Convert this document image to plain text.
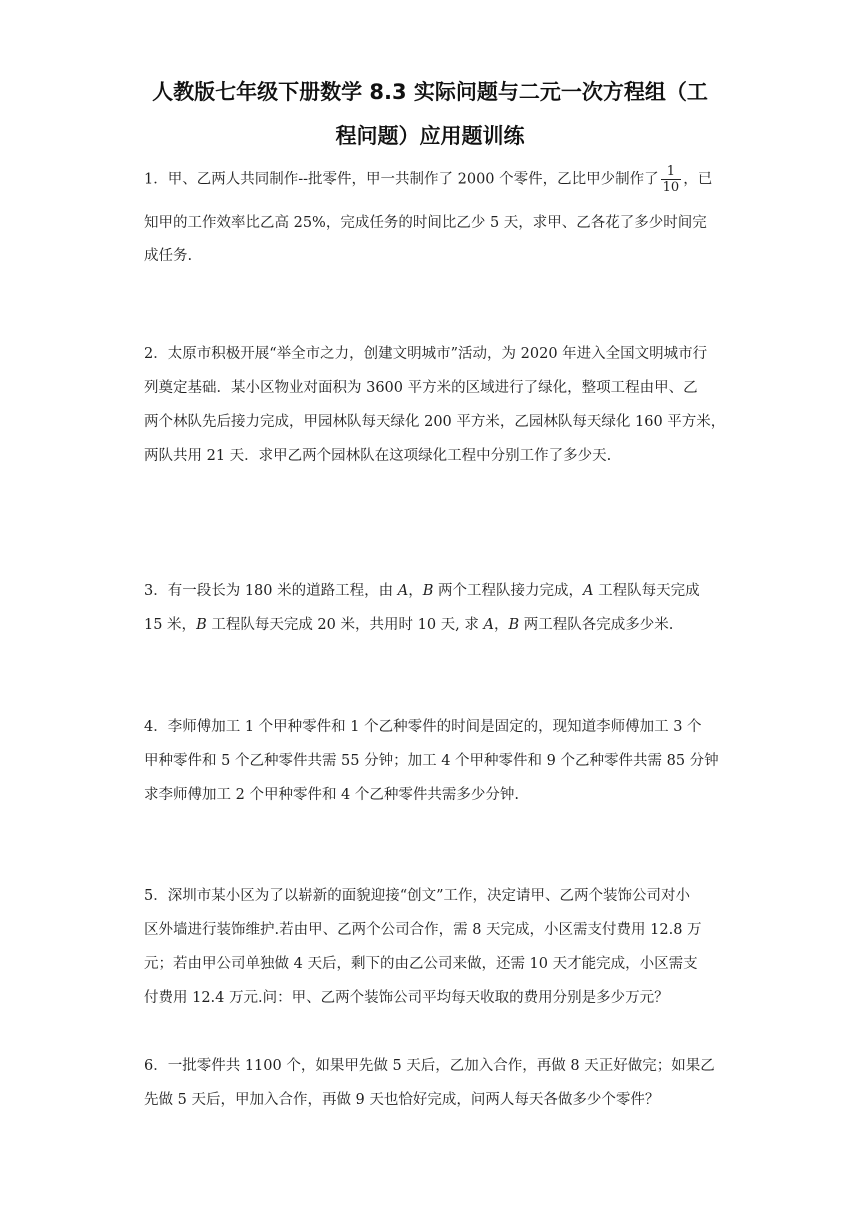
人教版七年级下册数学 8.3 实际问题与二元一次方程组（工
程问题）应用题训练
1．甲、乙两人共同制作--批零件，甲一共制作了 2000 个零件，乙比甲少制作了 $\frac{1}{10}$ ，已
知甲的工作效率比乙高 25%，完成任务的时间比乙少 5 天，求甲、乙各花了多少时间完
成任务.
2．太原市积极开展“举全市之力，创建文明城市”活动，为 2020 年进入全国文明城市行
列奠定基础．某小区物业对面积为 3600 平方米的区域进行了绿化，整项工程由甲、乙
两个林队先后接力完成，甲园林队每天绿化 200 平方米，乙园林队每天绿化 160 平方米，
两队共用 21 天．求甲乙两个园林队在这项绿化工程中分别工作了多少天.
3．有一段长为 180 米的道路工程，由 A，B 两个工程队接力完成，A 工程队每天完成
15 米，B 工程队每天完成 20 米，共用时 10 天, 求 A，B 两工程队各完成多少米.
4．李师傅加工 1 个甲种零件和 1 个乙种零件的时间是固定的，现知道李师傅加工 3 个
甲种零件和 5 个乙种零件共需 55 分钟；加工 4 个甲种零件和 9 个乙种零件共需 85 分钟
求李师傅加工 2 个甲种零件和 4 个乙种零件共需多少分钟.
5．深圳市某小区为了以崭新的面貌迎接“创文”工作，决定请甲、乙两个装饰公司对小
区外墙进行装饰维护.若由甲、乙两个公司合作，需 8 天完成，小区需支付费用 12.8 万
元；若由甲公司单独做 4 天后，剩下的由乙公司来做，还需 10 天才能完成，小区需支
付费用 12.4 万元.问：甲、乙两个装饰公司平均每天收取的费用分别是多少万元？
6．一批零件共 1100 个，如果甲先做 5 天后，乙加入合作，再做 8 天正好做完；如果乙
先做 5 天后，甲加入合作，再做 9 天也恰好完成，问两人每天各做多少个零件？
